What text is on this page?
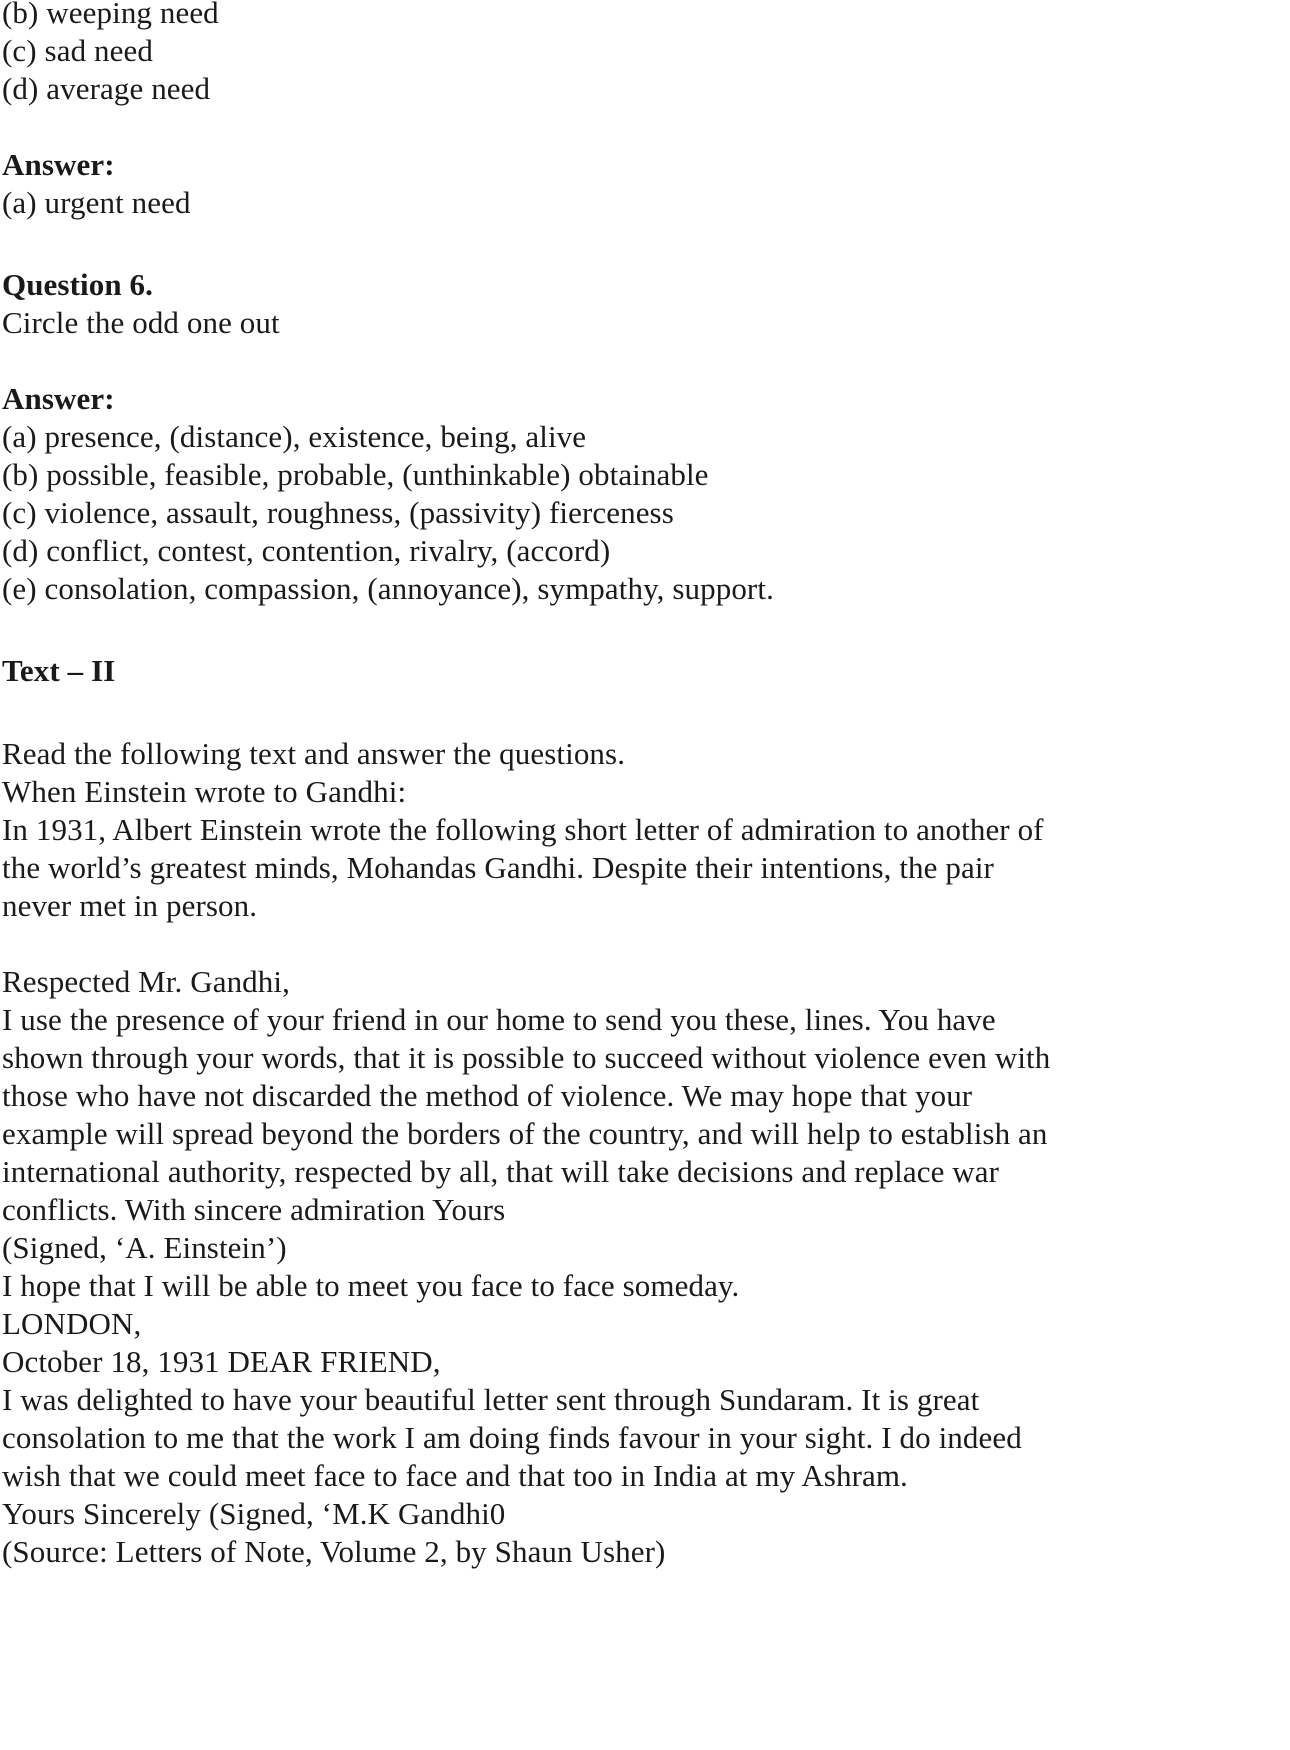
(b) weeping need
(c) sad need
(d) average need
Answer:
(a) urgent need
Question 6.
Circle the odd one out
Answer:
(a) presence, (distance), existence, being, alive
(b) possible, feasible, probable, (unthinkable) obtainable
(c) violence, assault, roughness, (passivity) fierceness
(d) conflict, contest, contention, rivalry, (accord)
(e) consolation, compassion, (annoyance), sympathy, support.
Text – II
Read the following text and answer the questions.
When Einstein wrote to Gandhi:
In 1931, Albert Einstein wrote the following short letter of admiration to another of
the world’s greatest minds, Mohandas Gandhi. Despite their intentions, the pair
never met in person.
Respected Mr. Gandhi,
I use the presence of your friend in our home to send you these, lines. You have
shown through your words, that it is possible to succeed without violence even with
those who have not discarded the method of violence. We may hope that your
example will spread beyond the borders of the country, and will help to establish an
international authority, respected by all, that will take decisions and replace war
conflicts. With sincere admiration Yours
(Signed, ‘A. Einstein’)
I hope that I will be able to meet you face to face someday.
LONDON,
October 18, 1931 DEAR FRIEND,
I was delighted to have your beautiful letter sent through Sundaram. It is great
consolation to me that the work I am doing finds favour in your sight. I do indeed
wish that we could meet face to face and that too in India at my Ashram.
Yours Sincerely (Signed, ‘M.K Gandhi0
(Source: Letters of Note, Volume 2, by Shaun Usher)
